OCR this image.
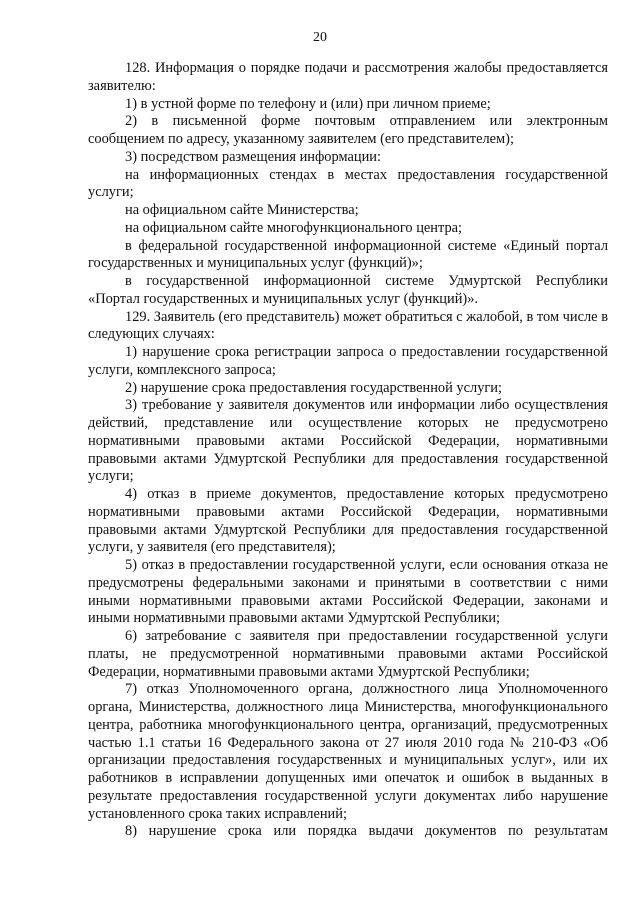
20

128. Информация о порядке подачи и рассмотрения жалобы предоставляется заявителю:

1) в устной форме по телефону и (или) при личном приеме;

2) в письменной форме почтовым отправлением или электронным сообщением по адресу, указанному заявителем (его представителем);

3) посредством размещения информации:

на информационных стендах в местах предоставления государственной услуги;

на официальном сайте Министерства;

на официальном сайте многофункционального центра;

в федеральной государственной информационной системе «Единый портал государственных и муниципальных услуг (функций)»;

в государственной информационной системе Удмуртской Республики «Портал государственных и муниципальных услуг (функций)».

129. Заявитель (его представитель) может обратиться с жалобой, в том числе в следующих случаях:

1) нарушение срока регистрации запроса о предоставлении государственной услуги, комплексного запроса;

2) нарушение срока предоставления государственной услуги;

3) требование у заявителя документов или информации либо осуществления действий, представление или осуществление которых не предусмотрено нормативными правовыми актами Российской Федерации, нормативными правовыми актами Удмуртской Республики для предоставления государственной услуги;

4) отказ в приеме документов, предоставление которых предусмотрено нормативными правовыми актами Российской Федерации, нормативными правовыми актами Удмуртской Республики для предоставления государственной услуги, у заявителя (его представителя);

5) отказ в предоставлении государственной услуги, если основания отказа не предусмотрены федеральными законами и принятыми в соответствии с ними иными нормативными правовыми актами Российской Федерации, законами и иными нормативными правовыми актами Удмуртской Республики;

6) затребование с заявителя при предоставлении государственной услуги платы, не предусмотренной нормативными правовыми актами Российской Федерации, нормативными правовыми актами Удмуртской Республики;

7) отказ Уполномоченного органа, должностного лица Уполномоченного органа, Министерства, должностного лица Министерства, многофункционального центра, работника многофункционального центра, организаций, предусмотренных частью 1.1 статьи 16 Федерального закона от 27 июля 2010 года № 210-ФЗ «Об организации предоставления государственных и муниципальных услуг», или их работников в исправлении допущенных ими опечаток и ошибок в выданных в результате предоставления государственной услуги документах либо нарушение установленного срока таких исправлений;

8) нарушение срока или порядка выдачи документов по результатам
